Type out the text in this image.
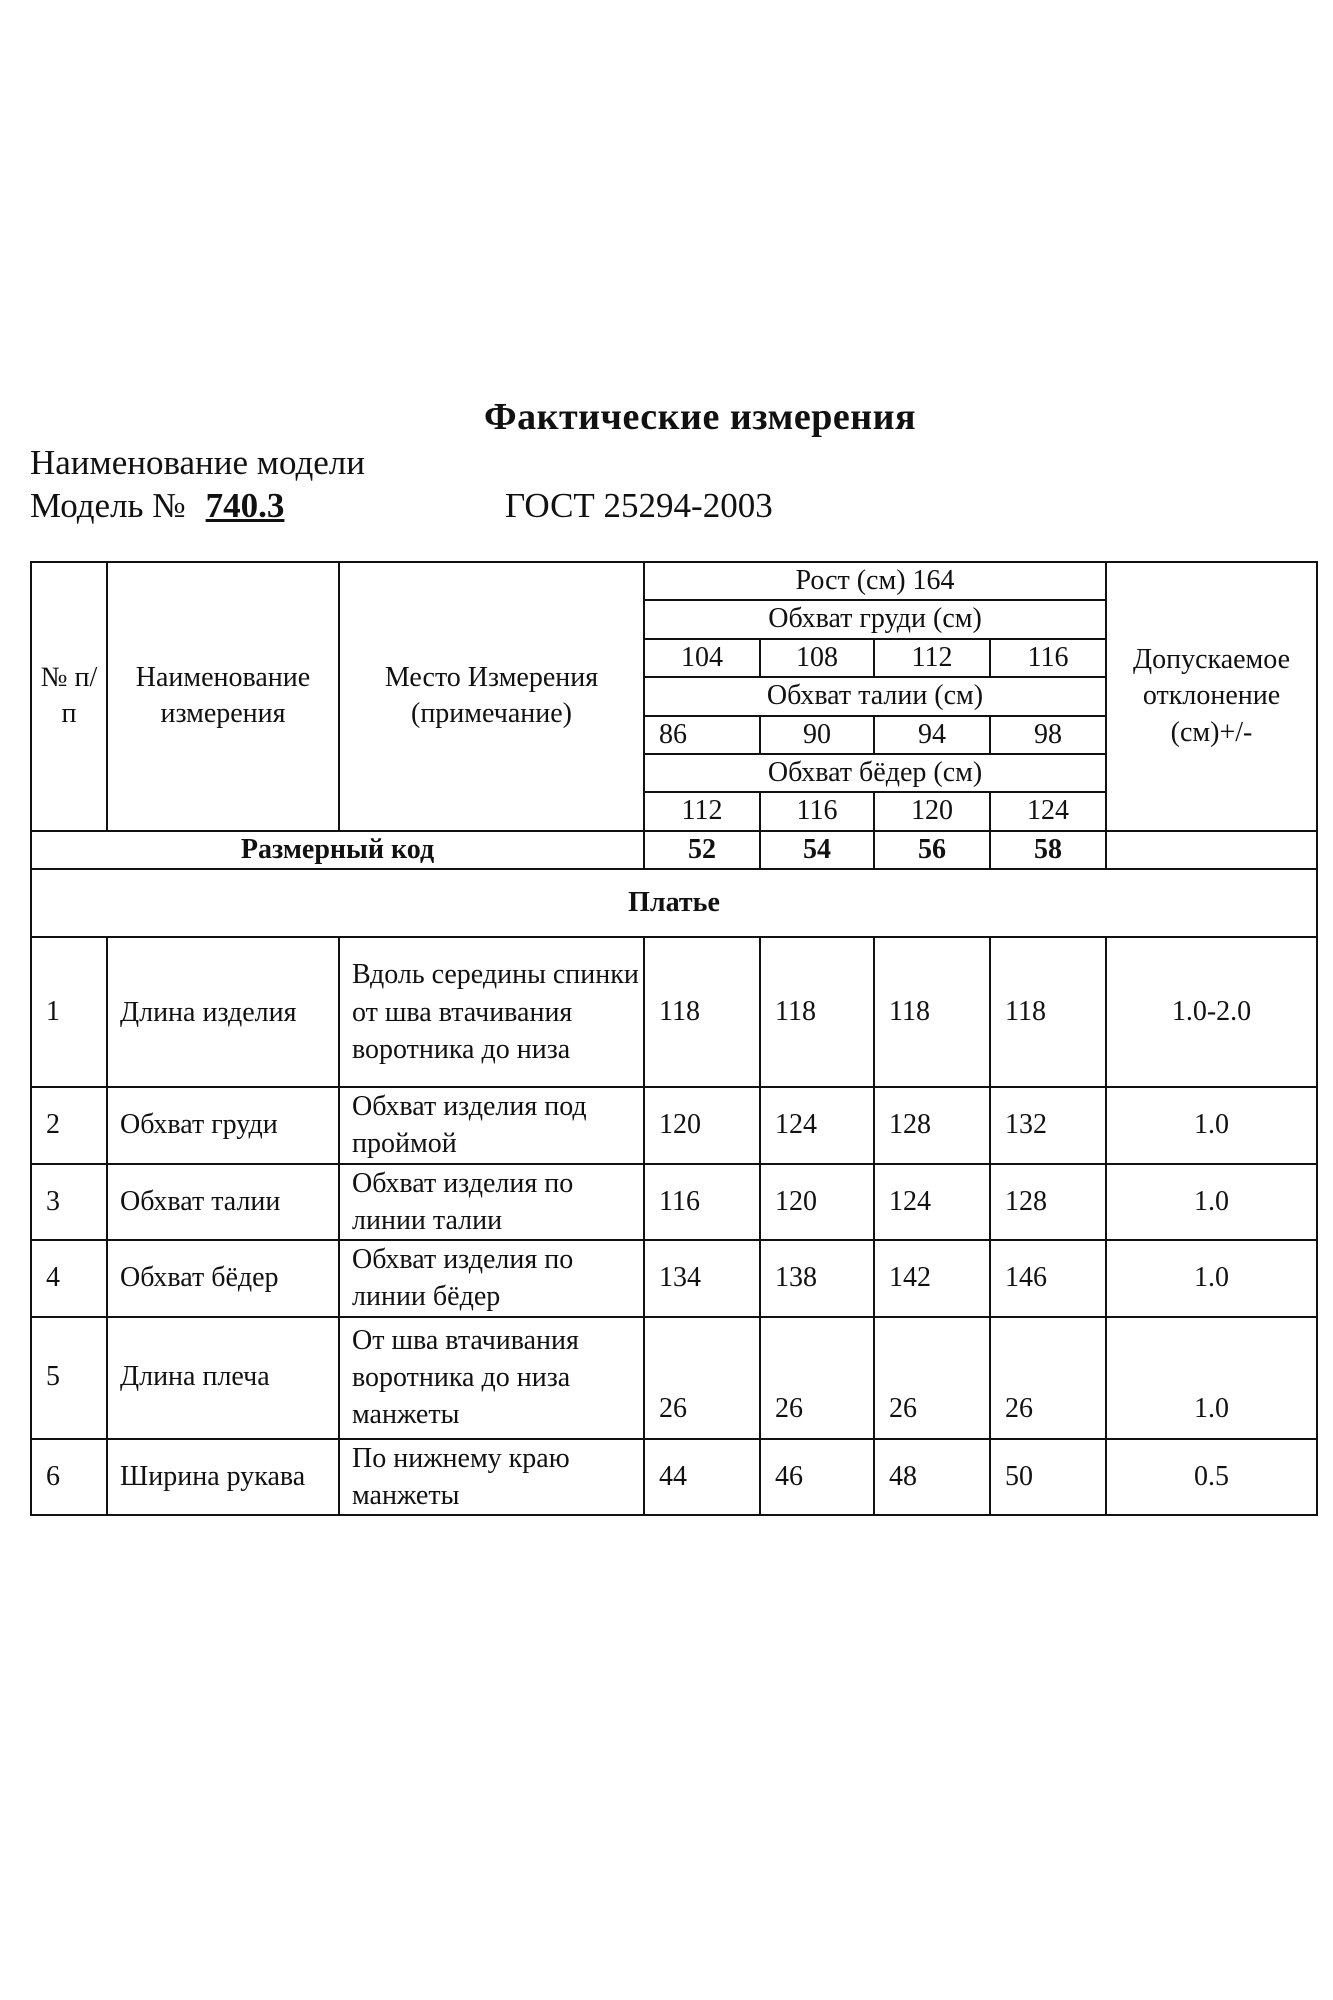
Фактические измерения
Наименование модели
Модель № 740.3	ГОСТ 25294-2003
№ п/п	Наименование измерения	Место Измерения (примечание)	Рост (см) 164				Допускаемое отклонение (см)+/-
			Обхват груди (см)				
			104	108	112	116	
			Обхват талии (см)				
			86	90	94	98	
			Обхват бёдер (см)				
			112	116	120	124	
Размерный код			52	54	56	58	
Платье							
1	Длина изделия	Вдоль середины спинки от шва втачивания воротника до низа	118	118	118	118	1.0-2.0
2	Обхват груди	Обхват изделия под проймой	120	124	128	132	1.0
3	Обхват талии	Обхват изделия по линии талии	116	120	124	128	1.0
4	Обхват бёдер	Обхват изделия по линии бёдер	134	138	142	146	1.0
5	Длина плеча	От шва втачивания воротника до низа манжеты	26	26	26	26	1.0
6	Ширина рукава	По нижнему краю манжеты	44	46	48	50	0.5
